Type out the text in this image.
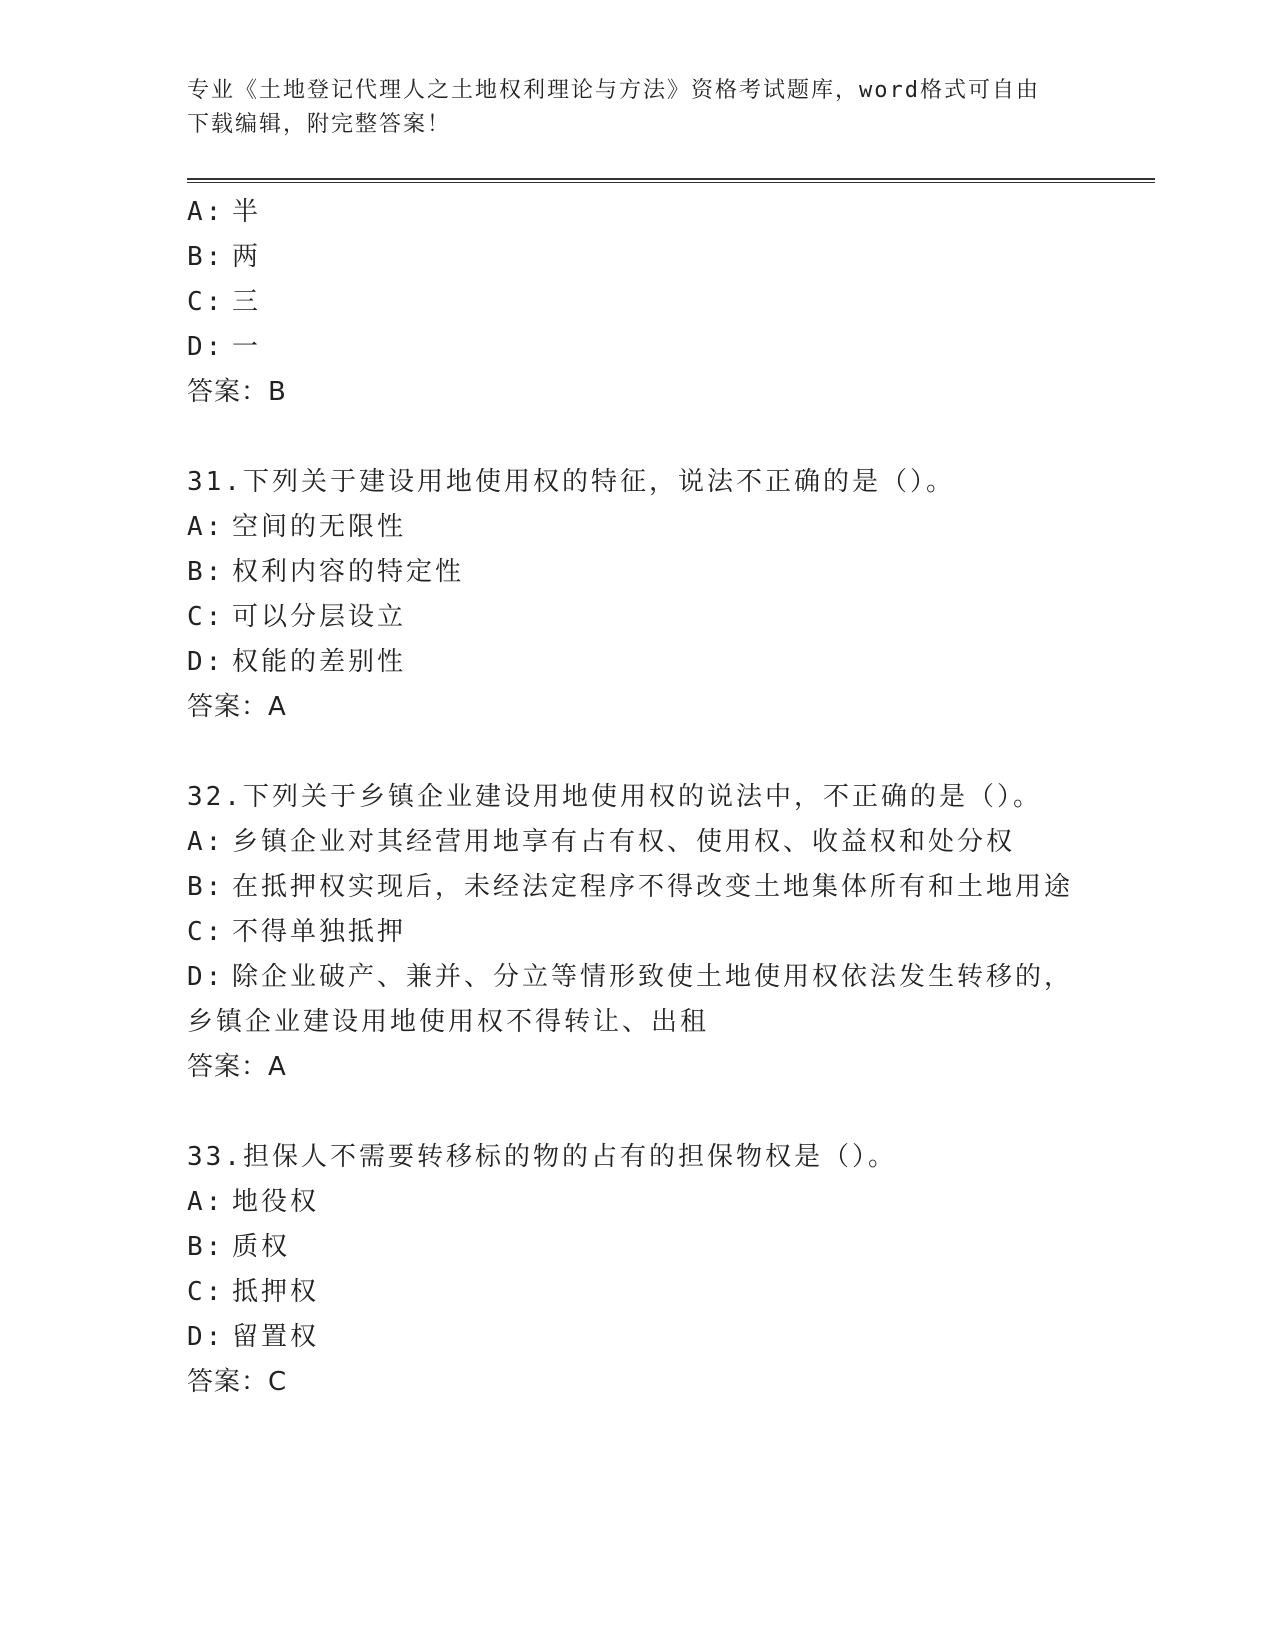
专业《土地登记代理人之土地权利理论与方法》资格考试题库，word格式可自由
下载编辑，附完整答案！
A: 半
B: 两
C: 三
D: 一
答案：B
31.下列关于建设用地使用权的特征，说法不正确的是（）。
A: 空间的无限性
B: 权利内容的特定性
C: 可以分层设立
D: 权能的差别性
答案：A
32.下列关于乡镇企业建设用地使用权的说法中，不正确的是（）。
A: 乡镇企业对其经营用地享有占有权、使用权、收益权和处分权
B: 在抵押权实现后，未经法定程序不得改变土地集体所有和土地用途
C: 不得单独抵押
D: 除企业破产、兼并、分立等情形致使土地使用权依法发生转移的，
乡镇企业建设用地使用权不得转让、出租
答案：A
33.担保人不需要转移标的物的占有的担保物权是（）。
A: 地役权
B: 质权
C: 抵押权
D: 留置权
答案：C
